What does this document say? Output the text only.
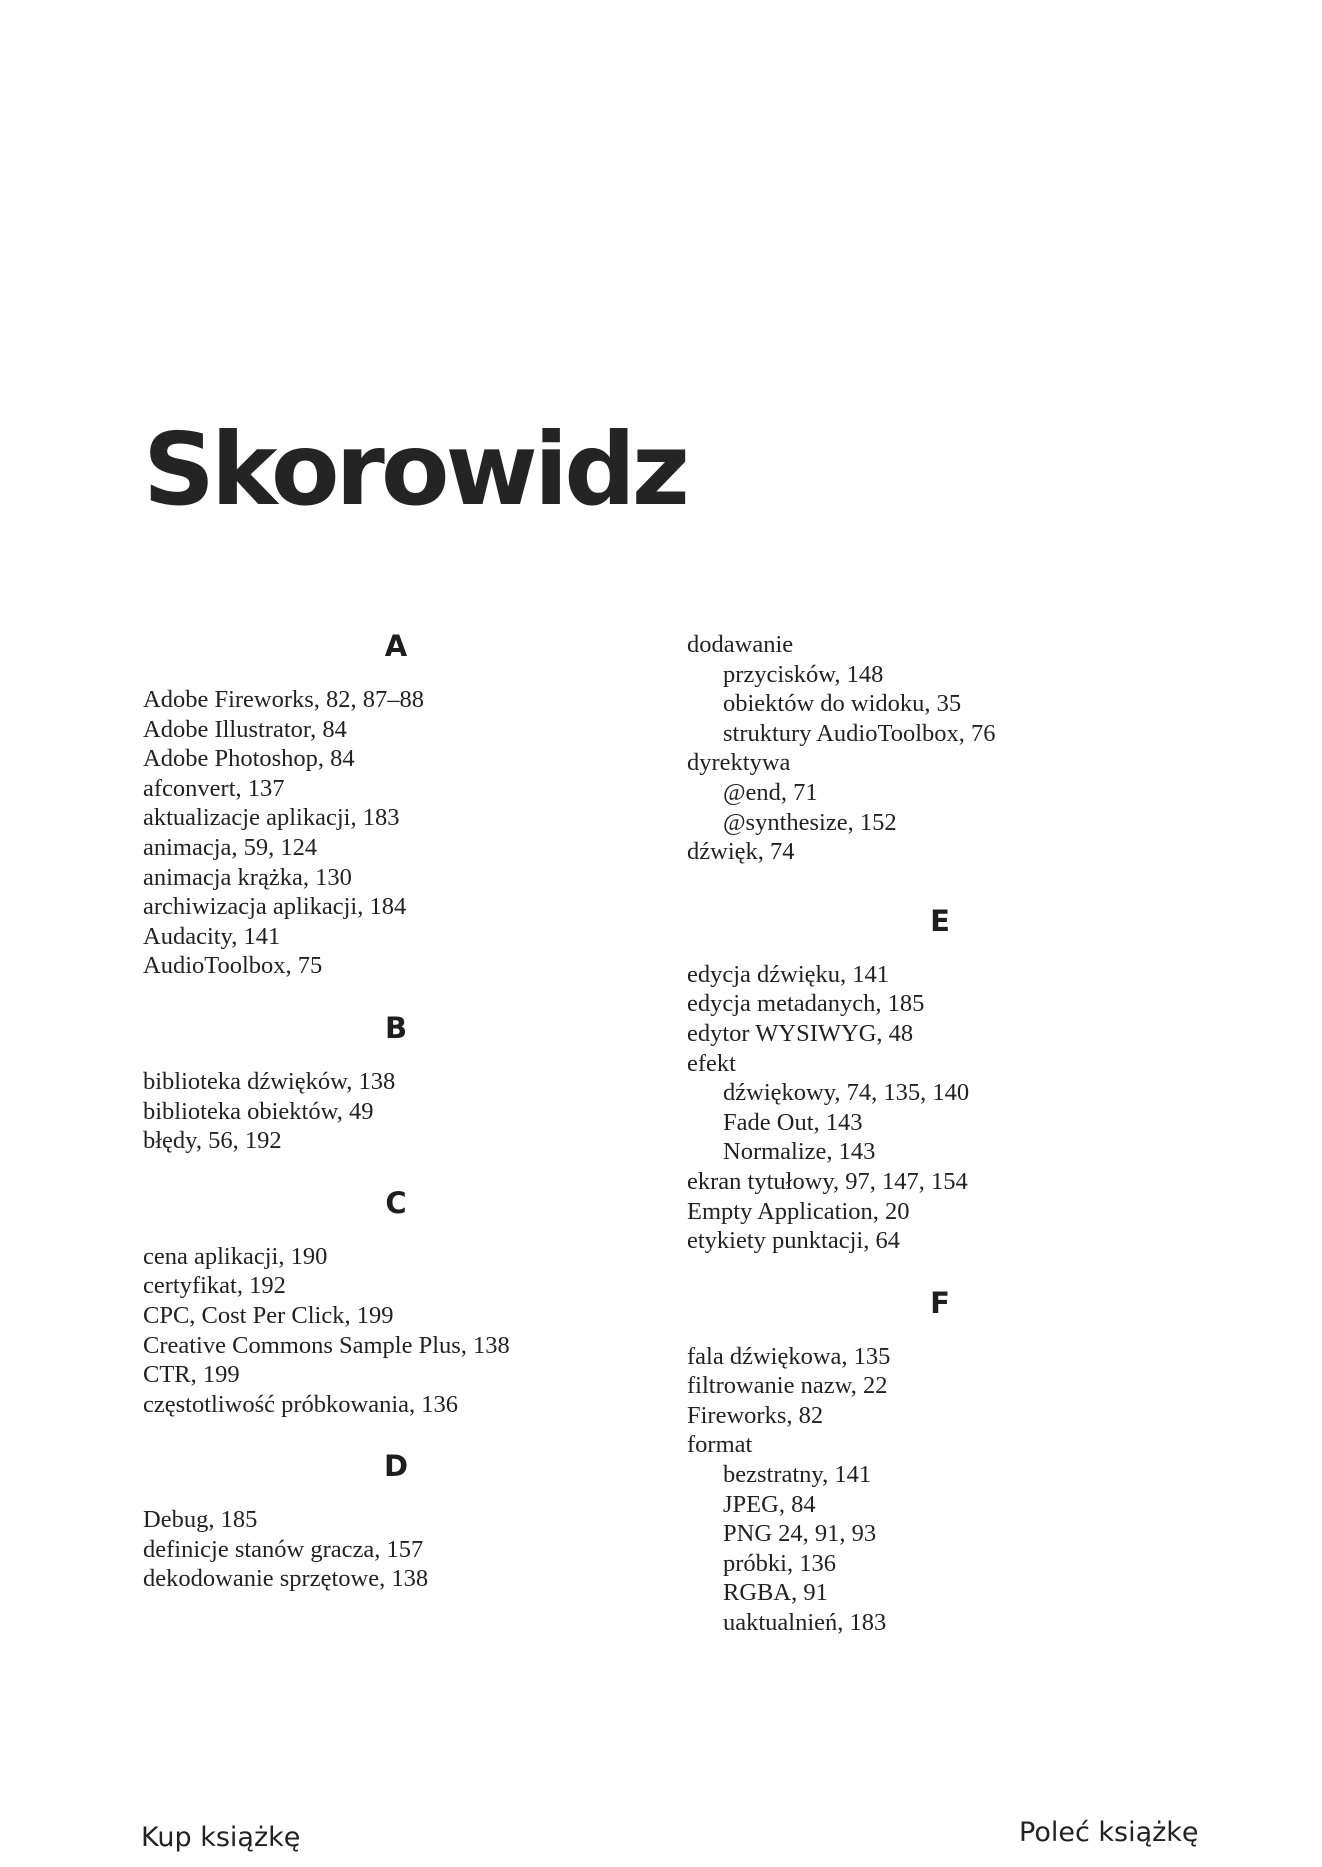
Skorowidz
A
Adobe Fireworks, 82, 87–88
Adobe Illustrator, 84
Adobe Photoshop, 84
afconvert, 137
aktualizacje aplikacji, 183
animacja, 59, 124
animacja krążka, 130
archiwizacja aplikacji, 184
Audacity, 141
AudioToolbox, 75
B
biblioteka dźwięków, 138
biblioteka obiektów, 49
błędy, 56, 192
C
cena aplikacji, 190
certyfikat, 192
CPC, Cost Per Click, 199
Creative Commons Sample Plus, 138
CTR, 199
częstotliwość próbkowania, 136
D
Debug, 185
definicje stanów gracza, 157
dekodowanie sprzętowe, 138
dodawanie
przycisków, 148
obiektów do widoku, 35
struktury AudioToolbox, 76
dyrektywa
@end, 71
@synthesize, 152
dźwięk, 74
E
edycja dźwięku, 141
edycja metadanych, 185
edytor WYSIWYG, 48
efekt
dźwiękowy, 74, 135, 140
Fade Out, 143
Normalize, 143
ekran tytułowy, 97, 147, 154
Empty Application, 20
etykiety punktacji, 64
F
fala dźwiękowa, 135
filtrowanie nazw, 22
Fireworks, 82
format
bezstratny, 141
JPEG, 84
PNG 24, 91, 93
próbki, 136
RGBA, 91
uaktualnień, 183
Kup książkę	Poleć książkę
